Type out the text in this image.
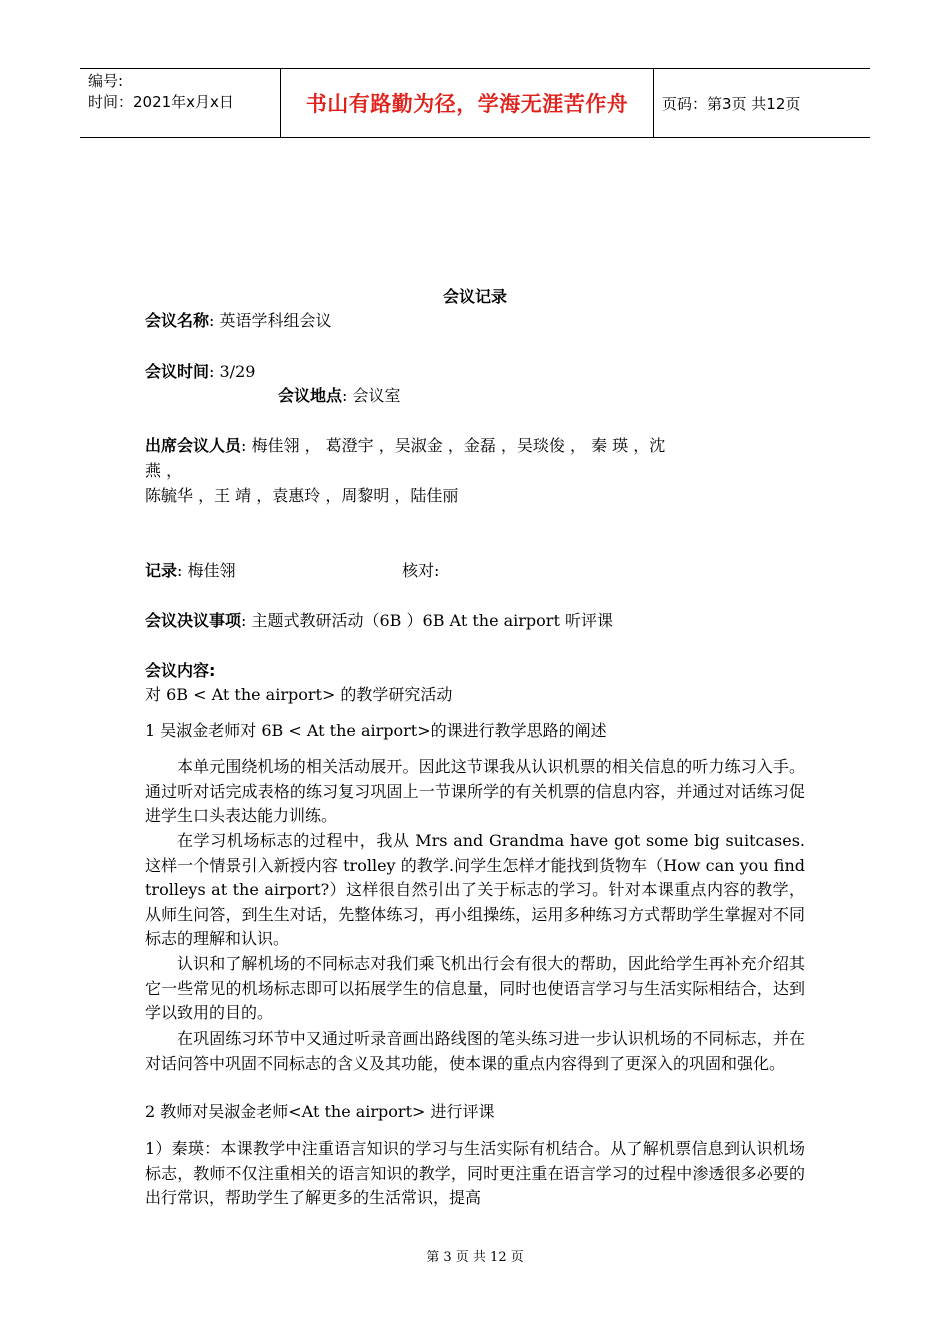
编号:
时间：2021年x月x日	书山有路勤为径，学海无涯苦作舟	页码：第3页 共12页
会议记录
会议名称: 英语学科组会议
会议时间: 3/29
会议地点: 会议室
出席会议人员: 梅佳翎 ， 葛澄宇 ，吴淑金 ，金磊 ，吴琰俊 ， 秦 瑛 ，沈
燕 ，
陈毓华 ，王 靖 ，袁惠玲 ，周黎明 ，陆佳丽
记录: 梅佳翎	核对:
会议决议事项: 主题式教研活动（6B ）6B At the airport 听评课
会议内容:
对 6B < At the airport> 的教学研究活动
1 吴淑金老师对 6B < At the airport>的课进行教学思路的阐述
本单元围绕机场的相关活动展开。因此这节课我从认识机票的相关信息的听力练习入手。通过听对话完成表格的练习复习巩固上一节课所学的有关机票的信息内容，并通过对话练习促进学生口头表达能力训练。
在学习机场标志的过程中，我从 Mrs and Grandma have got some big suitcases.这样一个情景引入新授内容 trolley 的教学.问学生怎样才能找到货物车（How can you find trolleys at the airport?）这样很自然引出了关于标志的学习。针对本课重点内容的教学，从师生问答，到生生对话，先整体练习，再小组操练，运用多种练习方式帮助学生掌握对不同标志的理解和认识。
认识和了解机场的不同标志对我们乘飞机出行会有很大的帮助，因此给学生再补充介绍其它一些常见的机场标志即可以拓展学生的信息量，同时也使语言学习与生活实际相结合，达到学以致用的目的。
在巩固练习环节中又通过听录音画出路线图的笔头练习进一步认识机场的不同标志，并在对话问答中巩固不同标志的含义及其功能，使本课的重点内容得到了更深入的巩固和强化。
2 教师对吴淑金老师<At the airport> 进行评课
1）秦瑛：本课教学中注重语言知识的学习与生活实际有机结合。从了解机票信息到认识机场标志，教师不仅注重相关的语言知识的教学，同时更注重在语言学习的过程中渗透很多必要的出行常识，帮助学生了解更多的生活常识，提高
第 3 页 共 12 页
